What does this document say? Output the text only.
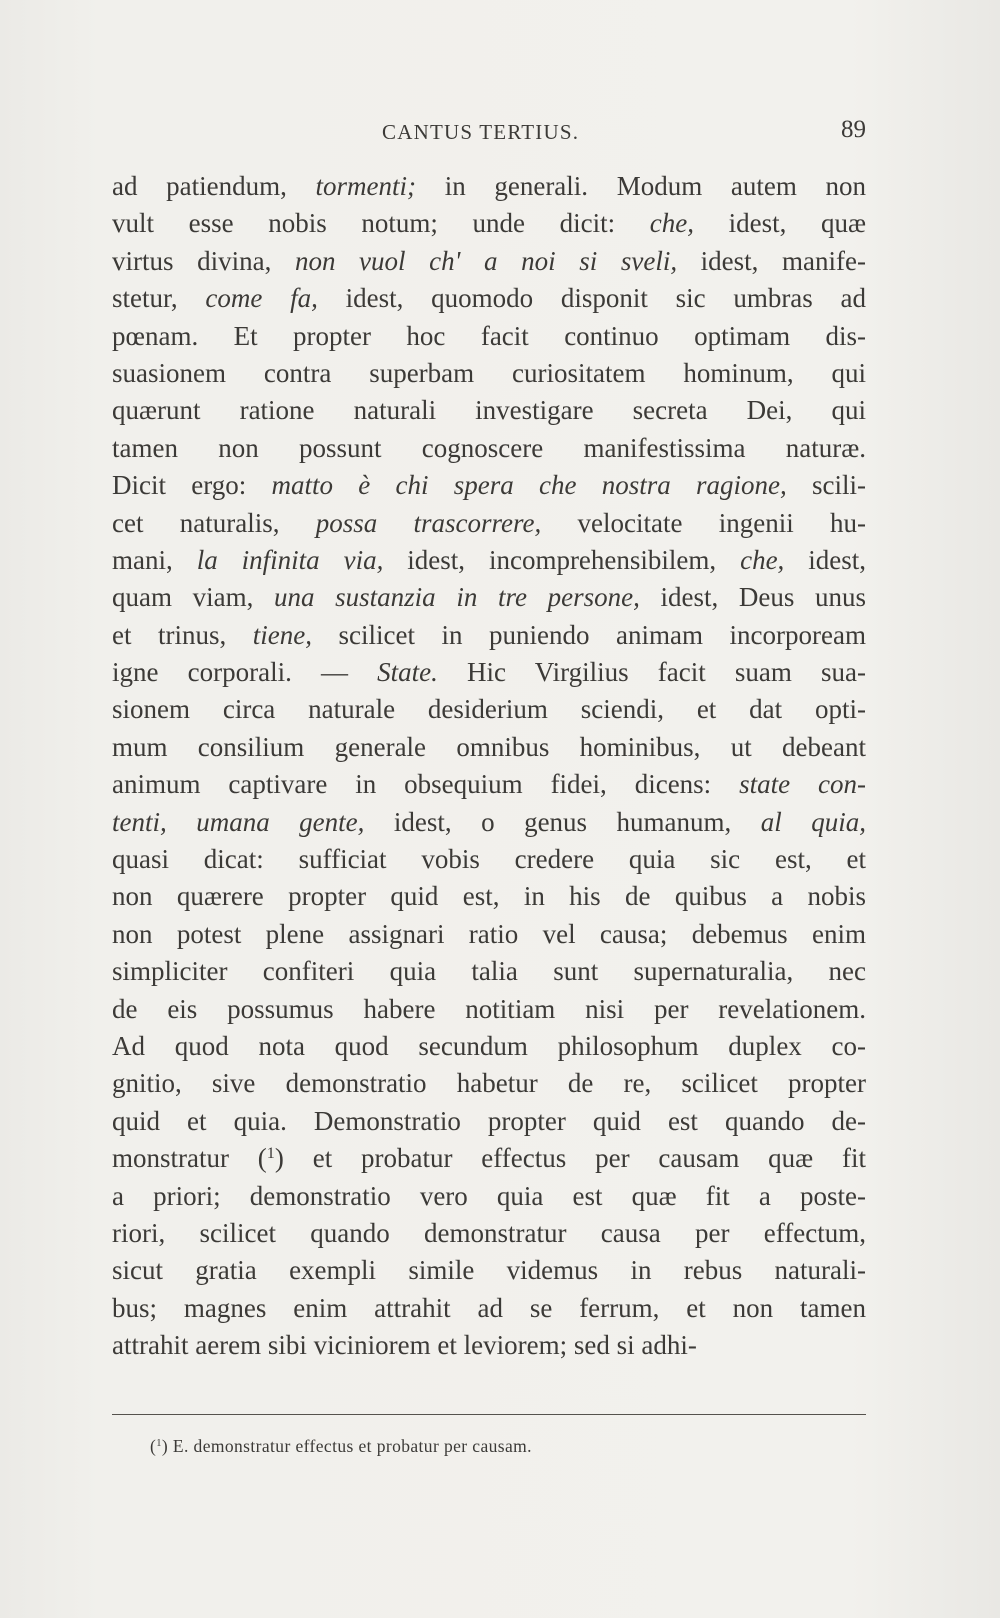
CANTUS TERTIUS.	89
ad patiendum, tormenti; in generali. Modum autem non
vult esse nobis notum; unde dicit: che, idest, quæ
virtus divina, non vuol ch' a noi si sveli, idest, manife-
stetur, come fa, idest, quomodo disponit sic umbras ad
pœnam. Et propter hoc facit continuo optimam dis-
suasionem contra superbam curiositatem hominum, qui
quærunt ratione naturali investigare secreta Dei, qui
tamen non possunt cognoscere manifestissima naturæ.
Dicit ergo: matto è chi spera che nostra ragione, scili-
cet naturalis, possa trascorrere, velocitate ingenii hu-
mani, la infinita via, idest, incomprehensibilem, che, idest,
quam viam, una sustanzia in tre persone, idest, Deus unus
et trinus, tiene, scilicet in puniendo animam incorpoream
igne corporali. — State. Hic Virgilius facit suam sua-
sionem circa naturale desiderium sciendi, et dat opti-
mum consilium generale omnibus hominibus, ut debeant
animum captivare in obsequium fidei, dicens: state con-
tenti, umana gente, idest, o genus humanum, al quia,
quasi dicat: sufficiat vobis credere quia sic est, et
non quærere propter quid est, in his de quibus a nobis
non potest plene assignari ratio vel causa; debemus enim
simpliciter confiteri quia talia sunt supernaturalia, nec
de eis possumus habere notitiam nisi per revelationem.
Ad quod nota quod secundum philosophum duplex co-
gnitio, sive demonstratio habetur de re, scilicet propter
quid et quia. Demonstratio propter quid est quando de-
monstratur ($^1$) et probatur effectus per causam quæ fit
a priori; demonstratio vero quia est quæ fit a poste-
riori, scilicet quando demonstratur causa per effectum,
sicut gratia exempli simile videmus in rebus naturali-
bus; magnes enim attrahit ad se ferrum, et non tamen
attrahit aerem sibi viciniorem et leviorem; sed si adhi-
($^1$) E. demonstratur effectus et probatur per causam.
